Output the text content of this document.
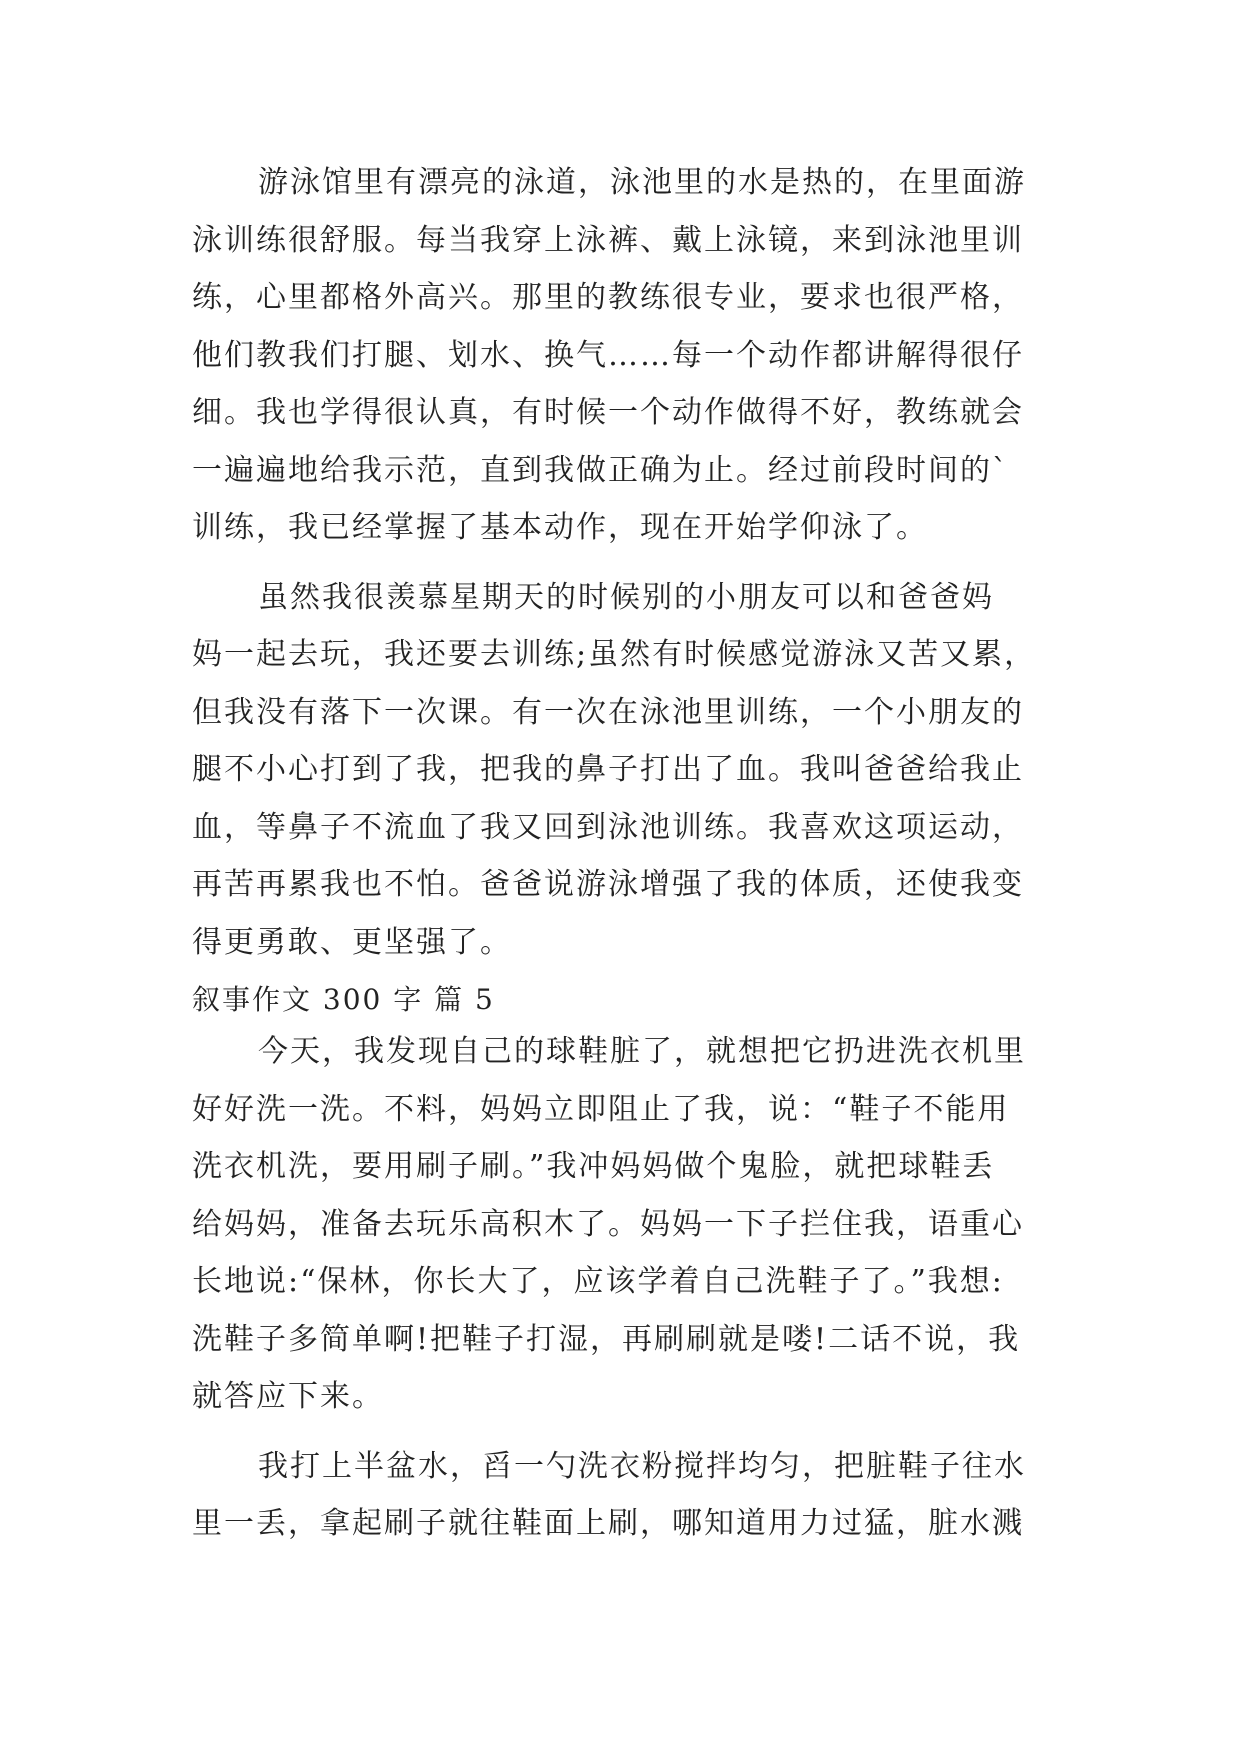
游泳馆里有漂亮的泳道，泳池里的水是热的，在里面游
泳训练很舒服。每当我穿上泳裤、戴上泳镜，来到泳池里训
练，心里都格外高兴。那里的教练很专业，要求也很严格，
他们教我们打腿、划水、换气……每一个动作都讲解得很仔
细。我也学得很认真，有时候一个动作做得不好，教练就会
一遍遍地给我示范，直到我做正确为止。经过前段时间的`
训练，我已经掌握了基本动作，现在开始学仰泳了。
虽然我很羡慕星期天的时候别的小朋友可以和爸爸妈
妈一起去玩，我还要去训练;虽然有时候感觉游泳又苦又累，
但我没有落下一次课。有一次在泳池里训练，一个小朋友的
腿不小心打到了我，把我的鼻子打出了血。我叫爸爸给我止
血，等鼻子不流血了我又回到泳池训练。我喜欢这项运动，
再苦再累我也不怕。爸爸说游泳增强了我的体质，还使我变
得更勇敢、更坚强了。
叙事作文 300 字 篇 5
今天，我发现自己的球鞋脏了，就想把它扔进洗衣机里
好好洗一洗。不料，妈妈立即阻止了我，说：“鞋子不能用
洗衣机洗，要用刷子刷。”我冲妈妈做个鬼脸，就把球鞋丢
给妈妈，准备去玩乐高积木了。妈妈一下子拦住我，语重心
长地说:“保林，你长大了，应该学着自己洗鞋子了。”我想:
洗鞋子多简单啊!把鞋子打湿，再刷刷就是喽!二话不说，我
就答应下来。
我打上半盆水，舀一勺洗衣粉搅拌均匀，把脏鞋子往水
里一丢，拿起刷子就往鞋面上刷，哪知道用力过猛，脏水溅
